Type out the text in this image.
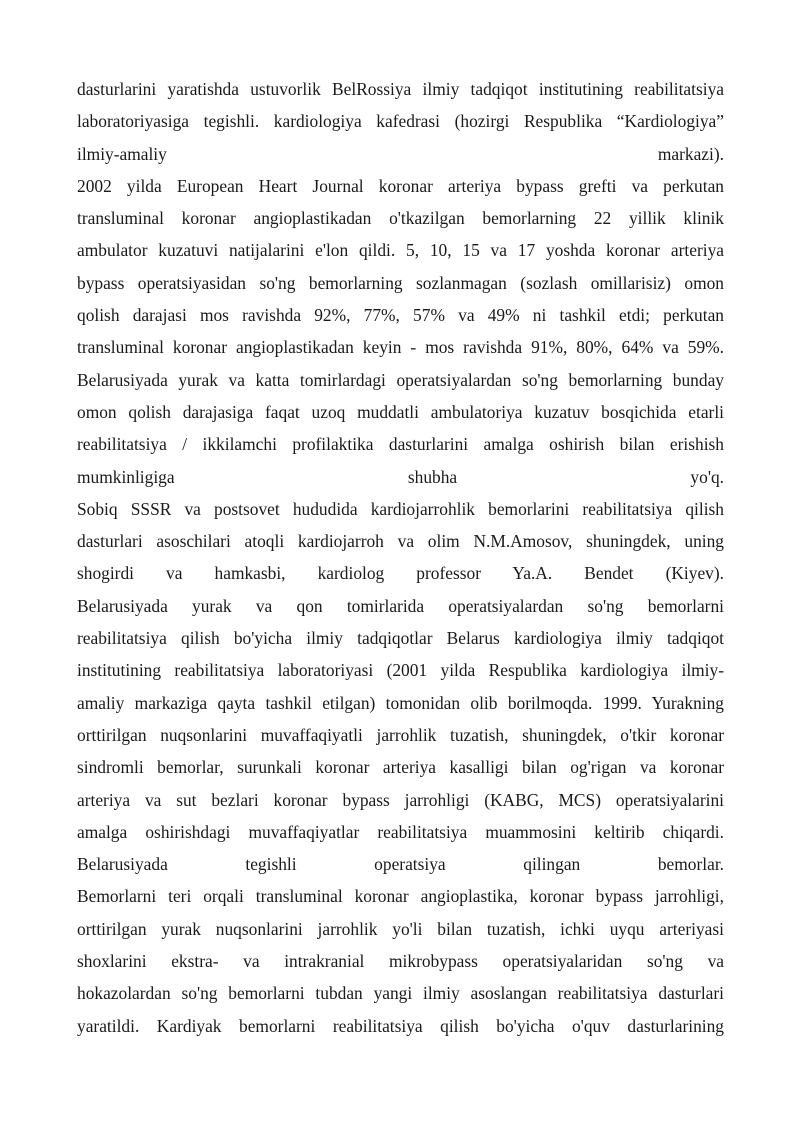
dasturlarini yaratishda ustuvorlik BelRossiya ilmiy tadqiqot institutining reabilitatsiya
laboratoriyasiga tegishli. kardiologiya kafedrasi (hozirgi Respublika “Kardiologiya”
ilmiy-amaliy markazi).
2002 yilda European Heart Journal koronar arteriya bypass grefti va perkutan
transluminal koronar angioplastikadan o'tkazilgan bemorlarning 22 yillik klinik
ambulator kuzatuvi natijalarini e'lon qildi. 5, 10, 15 va 17 yoshda koronar arteriya
bypass operatsiyasidan so'ng bemorlarning sozlanmagan (sozlash omillarisiz) omon
qolish darajasi mos ravishda 92%, 77%, 57% va 49% ni tashkil etdi; perkutan
transluminal koronar angioplastikadan keyin - mos ravishda 91%, 80%, 64% va 59%.
Belarusiyada yurak va katta tomirlardagi operatsiyalardan so'ng bemorlarning bunday
omon qolish darajasiga faqat uzoq muddatli ambulatoriya kuzatuv bosqichida etarli
reabilitatsiya / ikkilamchi profilaktika dasturlarini amalga oshirish bilan erishish
mumkinligiga shubha yo'q.
Sobiq SSSR va postsovet hududida kardiojarrohlik bemorlarini reabilitatsiya qilish
dasturlari asoschilari atoqli kardiojarroh va olim N.M.Amosov, shuningdek, uning
shogirdi va hamkasbi, kardiolog professor Ya.A. Bendet (Kiyev).
Belarusiyada yurak va qon tomirlarida operatsiyalardan so'ng bemorlarni
reabilitatsiya qilish bo'yicha ilmiy tadqiqotlar Belarus kardiologiya ilmiy tadqiqot
institutining reabilitatsiya laboratoriyasi (2001 yilda Respublika kardiologiya ilmiy-
amaliy markaziga qayta tashkil etilgan) tomonidan olib borilmoqda. 1999. Yurakning
orttirilgan nuqsonlarini muvaffaqiyatli jarrohlik tuzatish, shuningdek, o'tkir koronar
sindromli bemorlar, surunkali koronar arteriya kasalligi bilan og'rigan va koronar
arteriya va sut bezlari koronar bypass jarrohligi (KABG, MCS) operatsiyalarini
amalga oshirishdagi muvaffaqiyatlar reabilitatsiya muammosini keltirib chiqardi.
Belarusiyada tegishli operatsiya qilingan bemorlar.
Bemorlarni teri orqali transluminal koronar angioplastika, koronar bypass jarrohligi,
orttirilgan yurak nuqsonlarini jarrohlik yo'li bilan tuzatish, ichki uyqu arteriyasi
shoxlarini ekstra- va intrakranial mikrobypass operatsiyalaridan so'ng va
hokazolardan so'ng bemorlarni tubdan yangi ilmiy asoslangan reabilitatsiya dasturlari
yaratildi. Kardiyak bemorlarni reabilitatsiya qilish bo'yicha o'quv dasturlarining
